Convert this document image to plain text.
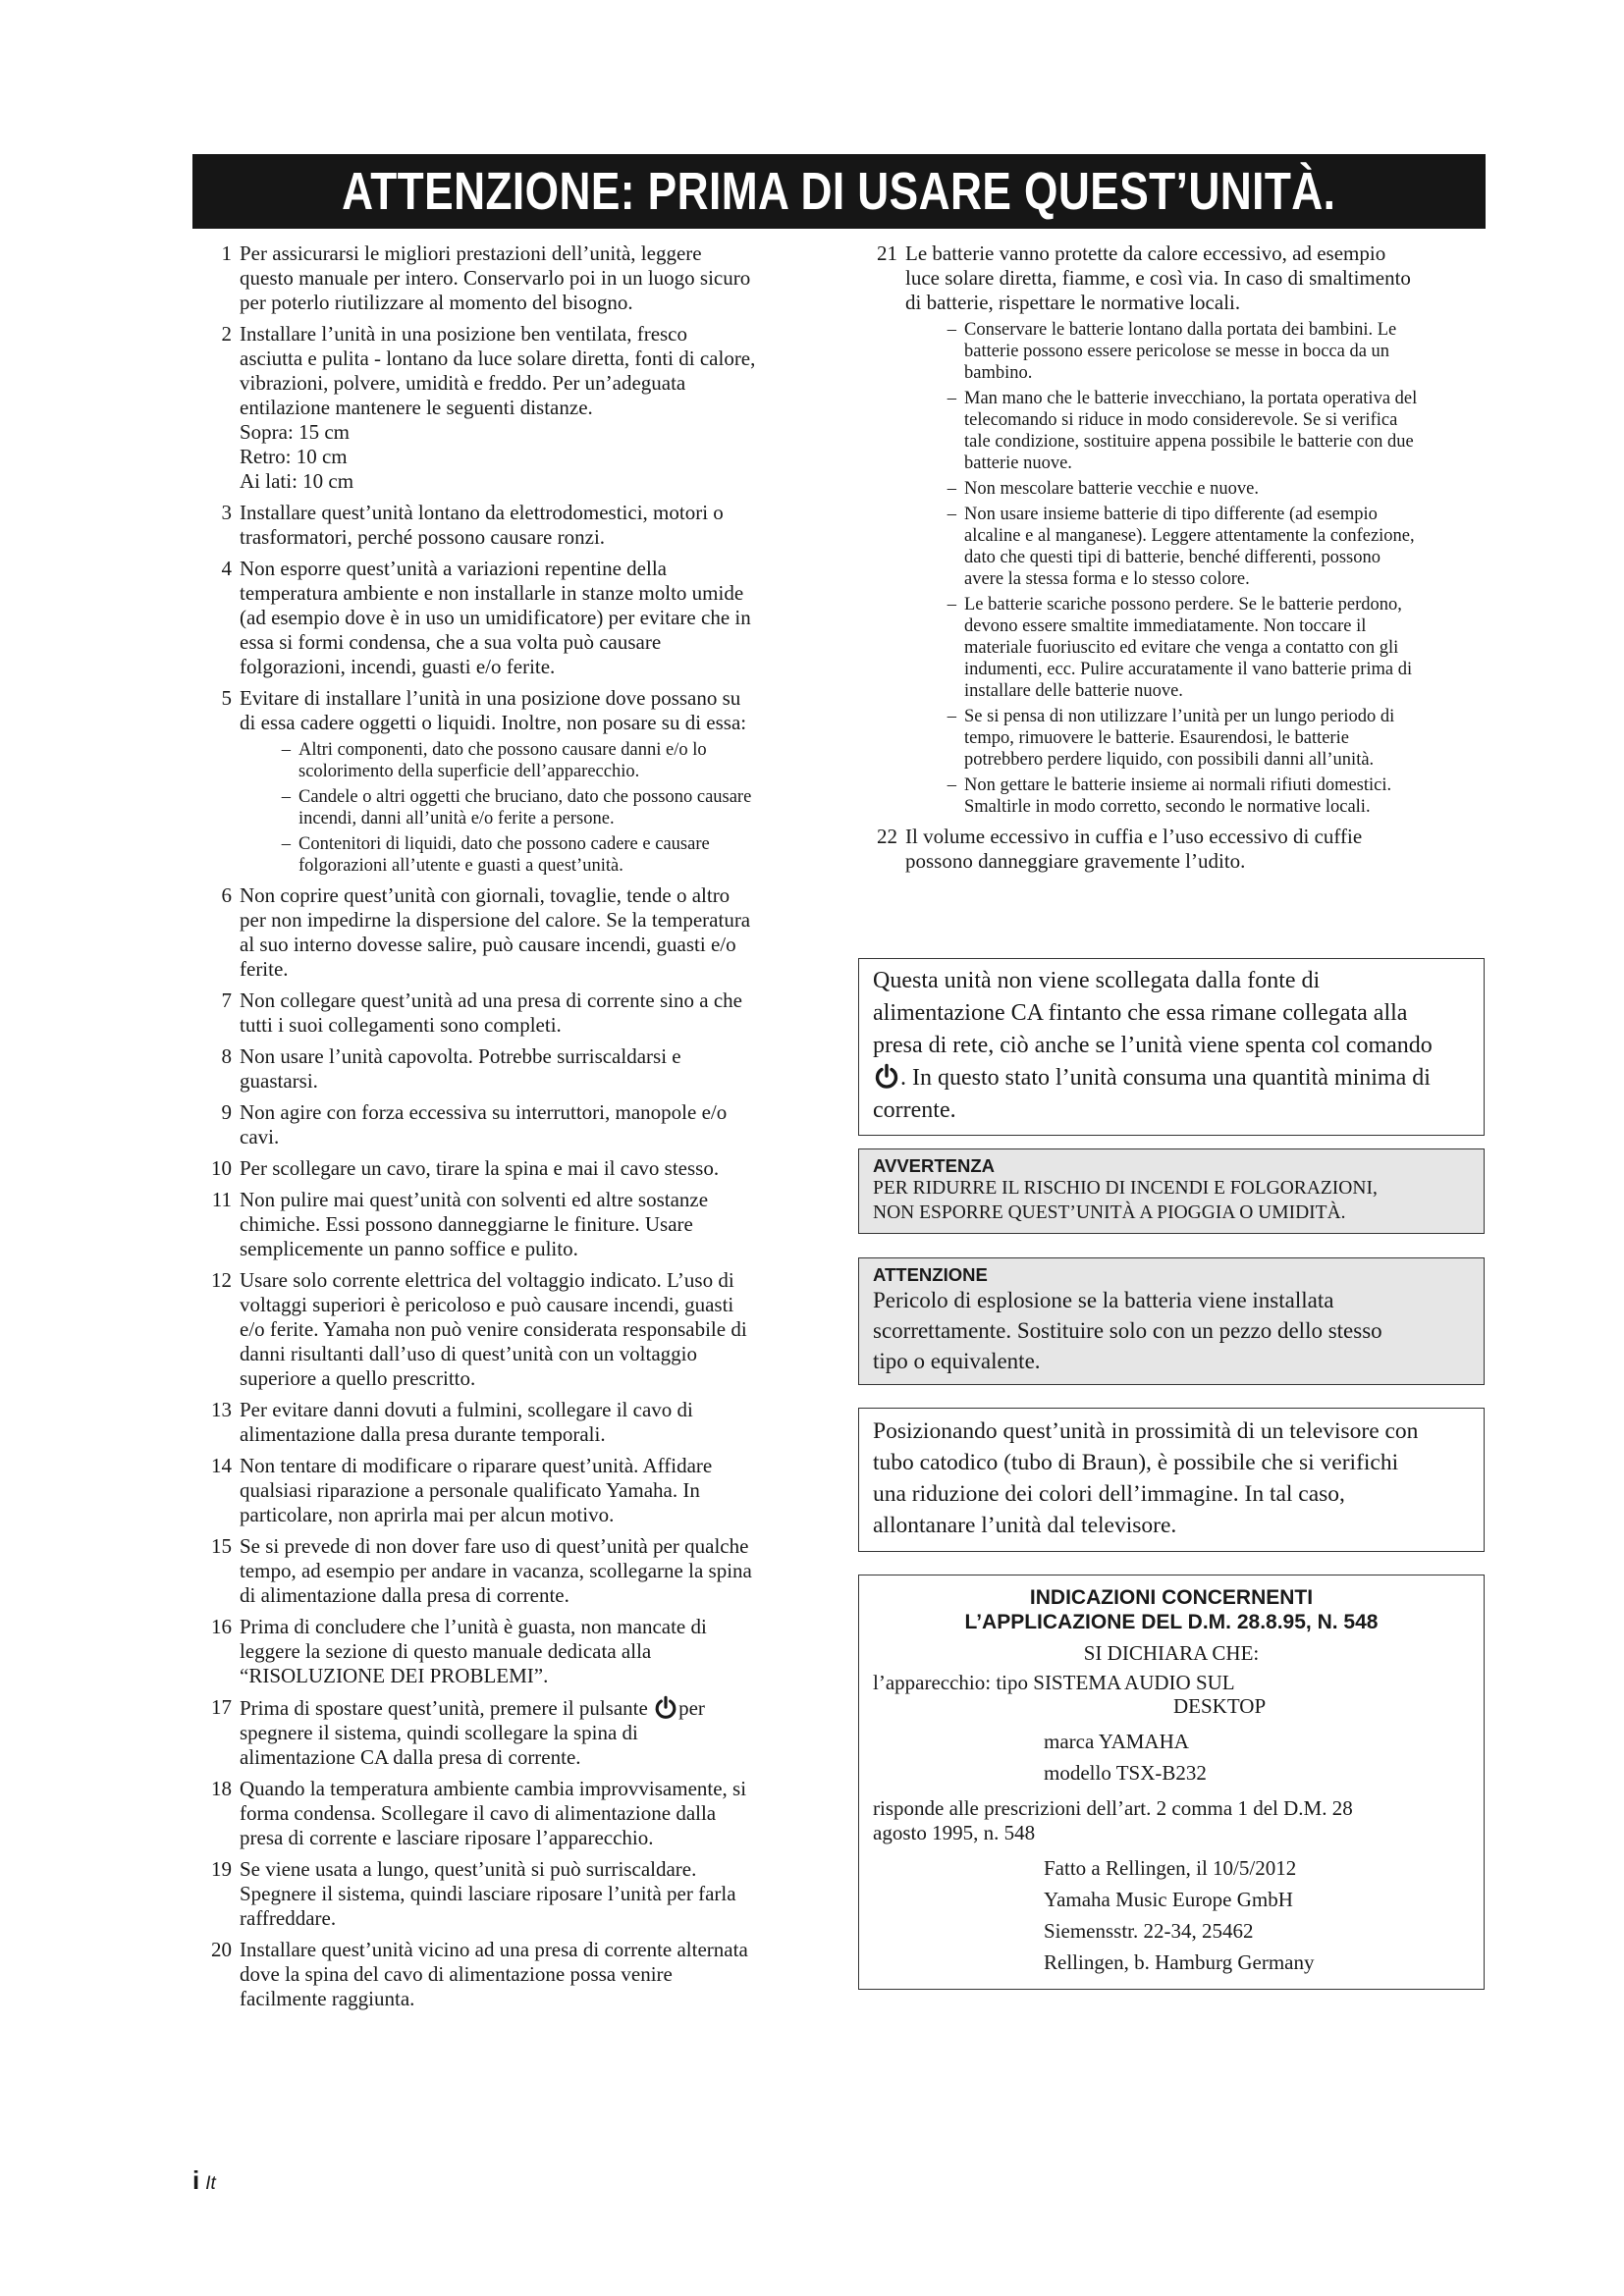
ATTENZIONE: PRIMA DI USARE QUEST’UNITÀ.
1 Per assicurarsi le migliori prestazioni dell’unità, leggere
questo manuale per intero. Conservarlo poi in un luogo sicuro
per poterlo riutilizzare al momento del bisogno.
2 Installare l’unità in una posizione ben ventilata, fresco
asciutta e pulita - lontano da luce solare diretta, fonti di calore,
vibrazioni, polvere, umidità e freddo. Per un’adeguata
entilazione mantenere le seguenti distanze.
Sopra: 15 cm
Retro: 10 cm
Ai lati: 10 cm
3 Installare quest’unità lontano da elettrodomestici, motori o
trasformatori, perché possono causare ronzi.
4 Non esporre quest’unità a variazioni repentine della
temperatura ambiente e non installarle in stanze molto umide
(ad esempio dove è in uso un umidificatore) per evitare che in
essa si formi condensa, che a sua volta può causare
folgorazioni, incendi, guasti e/o ferite.
5 Evitare di installare l’unità in una posizione dove possano su
di essa cadere oggetti o liquidi. Inoltre, non posare su di essa:
– Altri componenti, dato che possono causare danni e/o lo
scolorimento della superficie dell’apparecchio.
– Candele o altri oggetti che bruciano, dato che possono causare
incendi, danni all’unità e/o ferite a persone.
– Contenitori di liquidi, dato che possono cadere e causare
folgorazioni all’utente e guasti a quest’unità.
6 Non coprire quest’unità con giornali, tovaglie, tende o altro
per non impedirne la dispersione del calore. Se la temperatura
al suo interno dovesse salire, può causare incendi, guasti e/o
ferite.
7 Non collegare quest’unità ad una presa di corrente sino a che
tutti i suoi collegamenti sono completi.
8 Non usare l’unità capovolta. Potrebbe surriscaldarsi e
guastarsi.
9 Non agire con forza eccessiva su interruttori, manopole e/o
cavi.
10 Per scollegare un cavo, tirare la spina e mai il cavo stesso.
11 Non pulire mai quest’unità con solventi ed altre sostanze
chimiche. Essi possono danneggiarne le finiture. Usare
semplicemente un panno soffice e pulito.
12 Usare solo corrente elettrica del voltaggio indicato. L’uso di
voltaggi superiori è pericoloso e può causare incendi, guasti
e/o ferite. Yamaha non può venire considerata responsabile di
danni risultanti dall’uso di quest’unità con un voltaggio
superiore a quello prescritto.
13 Per evitare danni dovuti a fulmini, scollegare il cavo di
alimentazione dalla presa durante temporali.
14 Non tentare di modificare o riparare quest’unità. Affidare
qualsiasi riparazione a personale qualificato Yamaha. In
particolare, non aprirla mai per alcun motivo.
15 Se si prevede di non dover fare uso di quest’unità per qualche
tempo, ad esempio per andare in vacanza, scollegarne la spina
di alimentazione dalla presa di corrente.
16 Prima di concludere che l’unità è guasta, non mancate di
leggere la sezione di questo manuale dedicata alla
“RISOLUZIONE DEI PROBLEMI”.
17 Prima di spostare quest’unità, premere il pulsante per
spegnere il sistema, quindi scollegare la spina di
alimentazione CA dalla presa di corrente.
18 Quando la temperatura ambiente cambia improvvisamente, si
forma condensa. Scollegare il cavo di alimentazione dalla
presa di corrente e lasciare riposare l’apparecchio.
19 Se viene usata a lungo, quest’unità si può surriscaldare.
Spegnere il sistema, quindi lasciare riposare l’unità per farla
raffreddare.
20 Installare quest’unità vicino ad una presa di corrente alternata
dove la spina del cavo di alimentazione possa venire
facilmente raggiunta.
21 Le batterie vanno protette da calore eccessivo, ad esempio
luce solare diretta, fiamme, e così via. In caso di smaltimento
di batterie, rispettare le normative locali.
– Conservare le batterie lontano dalla portata dei bambini. Le
batterie possono essere pericolose se messe in bocca da un
bambino.
– Man mano che le batterie invecchiano, la portata operativa del
telecomando si riduce in modo considerevole. Se si verifica
tale condizione, sostituire appena possibile le batterie con due
batterie nuove.
– Non mescolare batterie vecchie e nuove.
– Non usare insieme batterie di tipo differente (ad esempio
alcaline e al manganese). Leggere attentamente la confezione,
dato che questi tipi di batterie, benché differenti, possono
avere la stessa forma e lo stesso colore.
– Le batterie scariche possono perdere. Se le batterie perdono,
devono essere smaltite immediatamente. Non toccare il
materiale fuoriuscito ed evitare che venga a contatto con gli
indumenti, ecc. Pulire accuratamente il vano batterie prima di
installare delle batterie nuove.
– Se si pensa di non utilizzare l’unità per un lungo periodo di
tempo, rimuovere le batterie. Esaurendosi, le batterie
potrebbero perdere liquido, con possibili danni all’unità.
– Non gettare le batterie insieme ai normali rifiuti domestici.
Smaltirle in modo corretto, secondo le normative locali.
22 Il volume eccessivo in cuffia e l’uso eccessivo di cuffie
possono danneggiare gravemente l’udito.
Questa unità non viene scollegata dalla fonte di
alimentazione CA fintanto che essa rimane collegata alla
presa di rete, ciò anche se l’unità viene spenta col comando
. In questo stato l’unità consuma una quantità minima di
corrente.
AVVERTENZA
PER RIDURRE IL RISCHIO DI INCENDI E FOLGORAZIONI,
NON ESPORRE QUEST’UNITÀ A PIOGGIA O UMIDITÀ.
ATTENZIONE
Pericolo di esplosione se la batteria viene installata
scorrettamente. Sostituire solo con un pezzo dello stesso
tipo o equivalente.
Posizionando quest’unità in prossimità di un televisore con
tubo catodico (tubo di Braun), è possibile che si verifichi
una riduzione dei colori dell’immagine. In tal caso,
allontanare l’unità dal televisore.
INDICAZIONI CONCERNENTI
L’APPLICAZIONE DEL D.M. 28.8.95, N. 548
SI DICHIARA CHE:
l’apparecchio: tipo SISTEMA AUDIO SUL
DESKTOP
marca YAMAHA
modello TSX-B232
risponde alle prescrizioni dell’art. 2 comma 1 del D.M. 28
agosto 1995, n. 548
Fatto a Rellingen, il 10/5/2012
Yamaha Music Europe GmbH
Siemensstr. 22-34, 25462
Rellingen, b. Hamburg Germany
i It
